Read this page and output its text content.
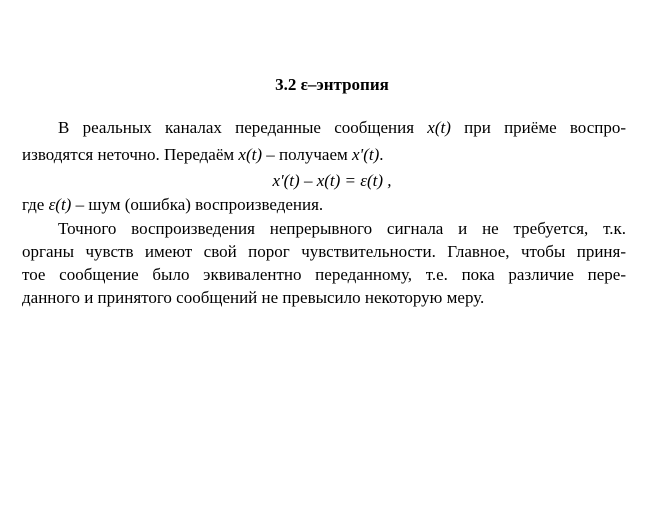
3.2 ε–энтропия
В реальных каналах переданные сообщения x(t) при приёме воспро-
изводятся неточно. Передаём x(t) – получаем x'(t).
x'(t) – x(t) = ε(t) ,
где ε(t) – шум (ошибка) воспроизведения.
Точного воспроизведения непрерывного сигнала и не требуется, т.к.
органы чувств имеют свой порог чувствительности. Главное, чтобы приня-
тое сообщение было эквивалентно переданному, т.е. пока различие пере-
данного и принятого сообщений не превысило некоторую меру.
